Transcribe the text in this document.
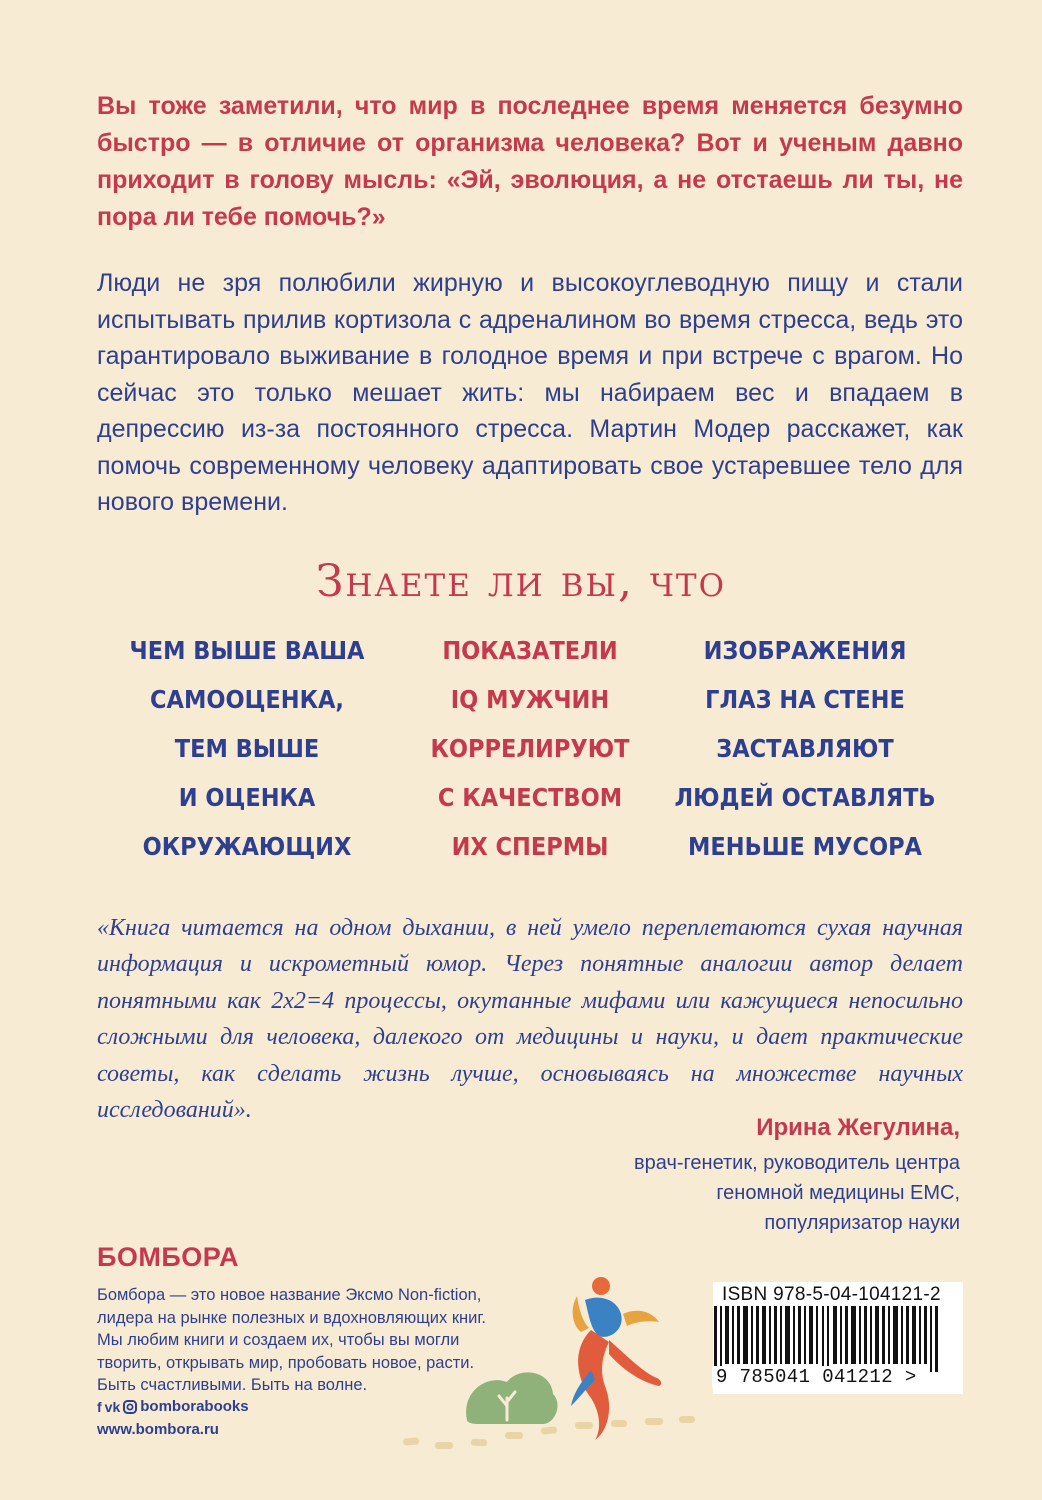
Вы тоже заметили, что мир в последнее время меняется безумно быстро — в отличие от организма человека? Вот и ученым давно приходит в голову мысль: «Эй, эволюция, а не отстаешь ли ты, не пора ли тебе помочь?»

Люди не зря полюбили жирную и высокоуглеводную пищу и стали испытывать прилив кортизола с адреналином во время стресса, ведь это гарантировало выживание в голодное время и при встрече с врагом. Но сейчас это только мешает жить: мы набираем вес и впадаем в депрессию из-за постоянного стресса. Мартин Модер расскажет, как помочь современному человеку адаптировать свое устаревшее тело для нового времени.

Знаете ли вы, что
ЧЕМ ВЫШЕ ВАША
САМООЦЕНКА,
ТЕМ ВЫШЕ
И ОЦЕНКА
ОКРУЖАЮЩИХ
ПОКАЗАТЕЛИ
IQ МУЖЧИН
КОРРЕЛИРУЮТ
С КАЧЕСТВОМ
ИХ СПЕРМЫ
ИЗОБРАЖЕНИЯ
ГЛАЗ НА СТЕНЕ
ЗАСТАВЛЯЮТ
ЛЮДЕЙ ОСТАВЛЯТЬ
МЕНЬШЕ МУСОРА

«Книга читается на одном дыхании, в ней умело переплетаются сухая научная информация и искрометный юмор. Через понятные аналогии автор делает понятными как 2х2=4 процессы, окутанные мифами или кажущиеся непосильно сложными для человека, далекого от медицины и науки, и дает практические советы, как сделать жизнь лучше, основываясь на множестве научных исследований».

Ирина Жегулина,
врач-генетик, руководитель центра
геномной медицины ЕМС,
популяризатор науки
БОМБОРА
Бомбора — это новое название Эксмо Non-fiction,
лидера на рынке полезных и вдохновляющих книг.
Мы любим книги и создаем их, чтобы вы могли
творить, открывать мир, пробовать новое, расти.
Быть счастливыми. Быть на волне.
f vk bomborabooks
www.bombora.ru
ISBN 978-5-04-104121-2
9 785041 041212 >
